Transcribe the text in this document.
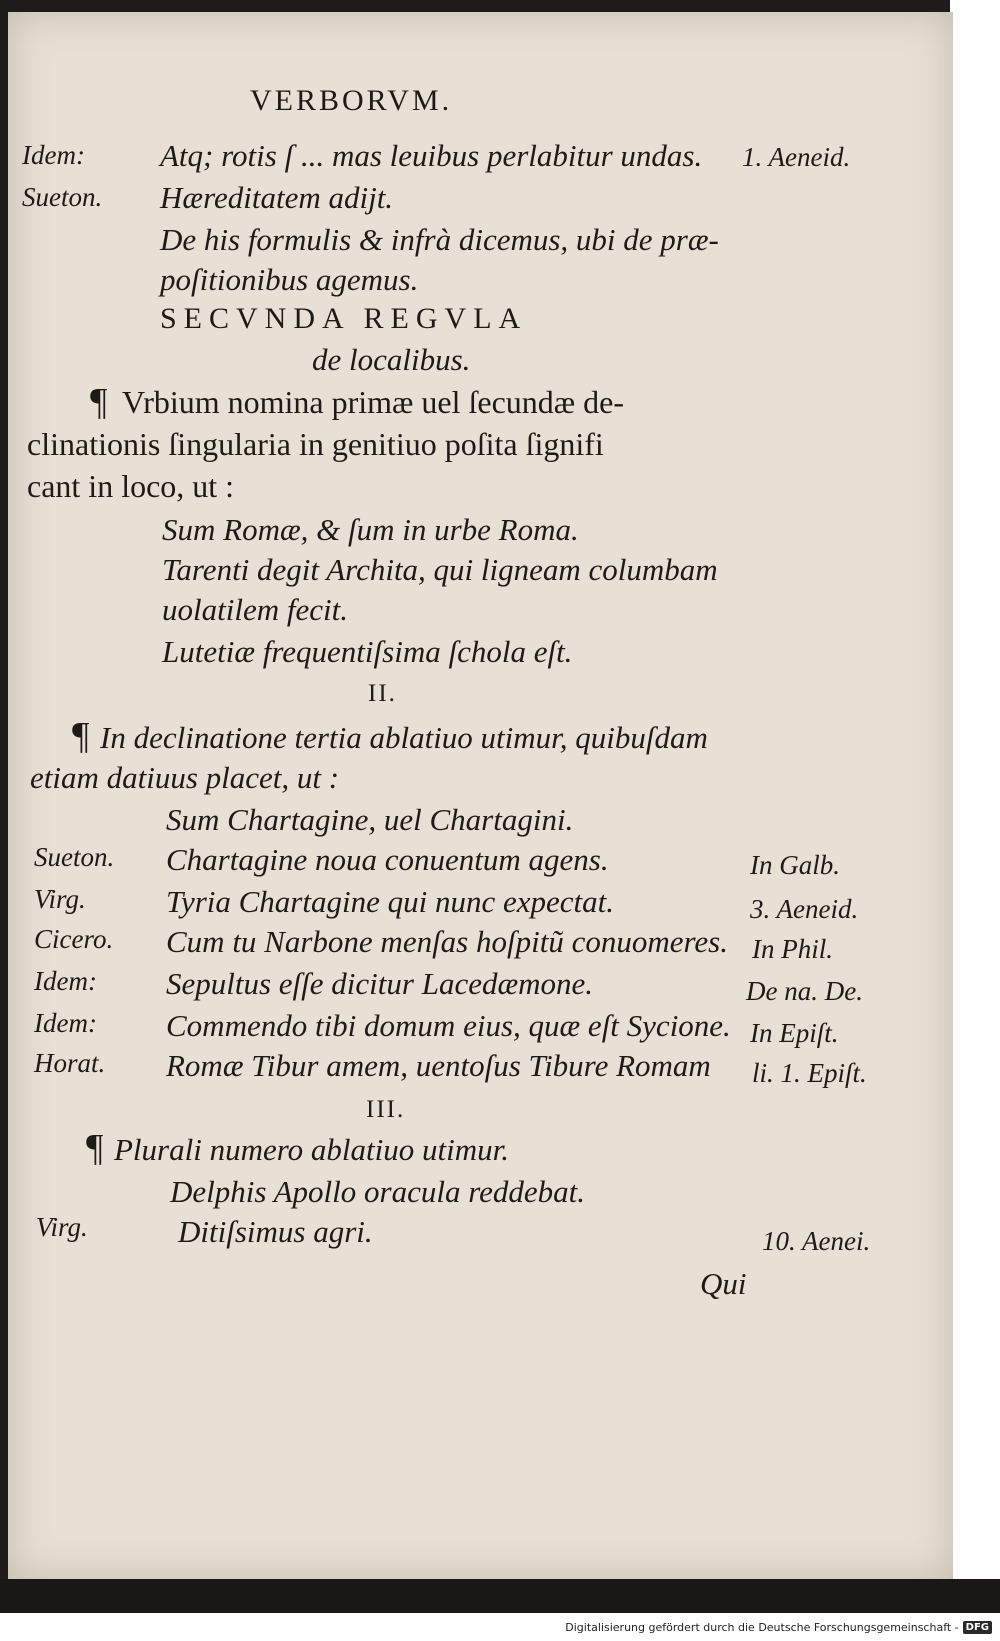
VERBORVM.
Idem: Atq; rotis ſ ... mas leuibus perlabitur undas. 1. Aeneid.
Sueton. Hæreditatem adijt.
De his formulis & infrà dicemus, ubi de præ-
poſitionibus agemus.
SECVNDA REGVLA
de localibus.
¶ Vrbium nomina primæ uel ſecundæ de-
clinationis ſingularia in genitiuo poſita ſignifi
cant in loco, ut :
Sum Romæ, & ſum in urbe Roma.
Tarenti degit Archita, qui ligneam columbam
uolatilem fecit.
Lutetiæ frequentiſsima ſchola eſt.
II.
¶ In declinatione tertia ablatiuo utimur, quibuſdam
etiam datiuus placet, ut :
Sum Chartagine, uel Chartagini.
Sueton. Chartagine noua conuentum agens.	In Galb.
Virg.	Tyria Chartagine qui nunc expectat.	3. Aeneid.
Cicero. Cum tu Narbone menſas hoſpitũ conuomeres. In Phil.
Idem: Sepultus eſſe dicitur Lacedæmone.	De na. De.
Idem: Commendo tibi domum eius, quæ eſt Sycione. In Epiſt.
Horat. Romæ Tibur amem, uentoſus Tibure Romam li. 1. Epiſt.
III.
¶ Plurali numero ablatiuo utimur.
Delphis Apollo oracula reddebat.
Virg.	Ditiſsimus agri.	10. Aenei.
Qui
Digitalisierung gefördert durch die Deutsche Forschungsgemeinschaft - DFG
